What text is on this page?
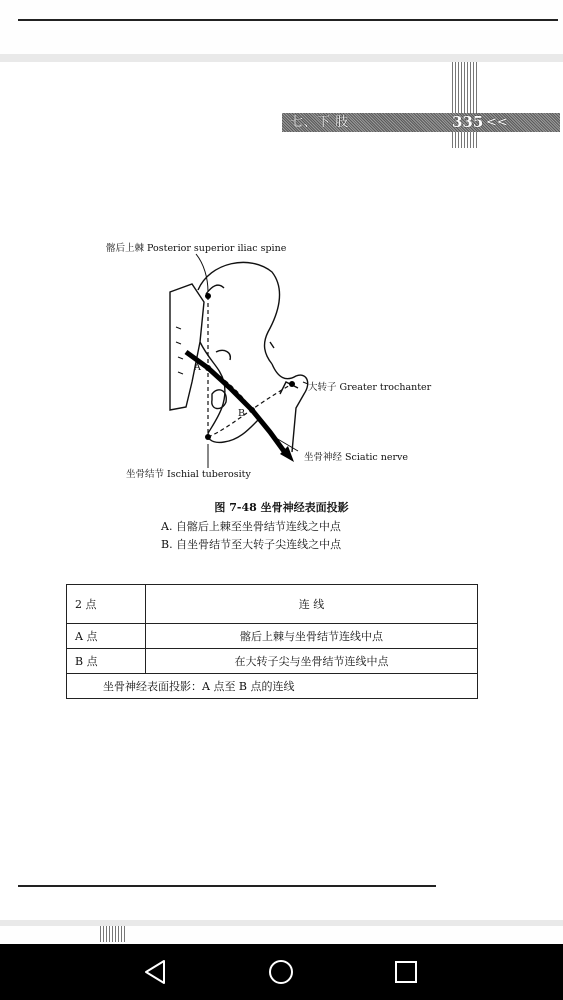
七、下 肢	335 <<
髂后上棘 Posterior superior iliac spine
大转子 Greater trochanter
坐骨神经 Sciatic nerve
坐骨结节 Ischial tuberosity
A
B
图 7-48 坐骨神经表面投影
A. 自髂后上棘至坐骨结节连线之中点
B. 自坐骨结节至大转子尖连线之中点
2 点	连 线
A 点	髂后上棘与坐骨结节连线中点
B 点	在大转子尖与坐骨结节连线中点
坐骨神经表面投影：A 点至 B 点的连线	
